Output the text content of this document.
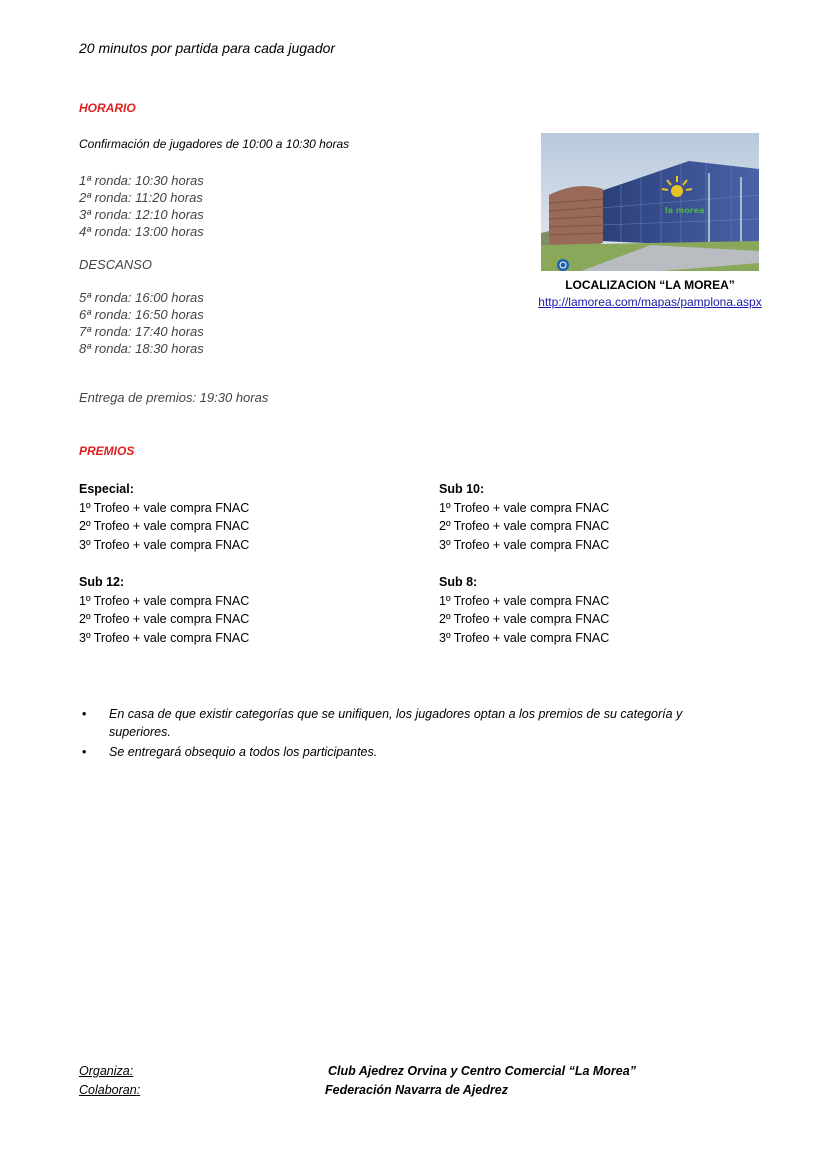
20 minutos por partida para cada jugador
HORARIO
Confirmación de jugadores de 10:00 a 10:30 horas
1ª ronda: 10:30 horas
2ª ronda: 11:20 horas
3ª ronda: 12:10 horas
4ª ronda: 13:00 horas
DESCANSO
5ª ronda: 16:00 horas
6ª ronda: 16:50 horas
7ª ronda: 17:40 horas
8ª ronda: 18:30 horas
Entrega de premios: 19:30 horas
la morea
LOCALIZACION “LA MOREA”
http://lamorea.com/mapas/pamplona.aspx
PREMIOS
Especial:
1º Trofeo + vale compra FNAC
2º Trofeo + vale compra FNAC
3º Trofeo + vale compra FNAC
Sub 10:
1º Trofeo + vale compra FNAC
2º Trofeo + vale compra FNAC
3º Trofeo + vale compra FNAC
Sub 12:
1º Trofeo + vale compra FNAC
2º Trofeo + vale compra FNAC
3º Trofeo + vale compra FNAC
Sub 8:
1º Trofeo + vale compra FNAC
2º Trofeo + vale compra FNAC
3º Trofeo + vale compra FNAC
•	En casa de que existir categorías que se unifiquen, los jugadores optan a los premios de su categoría y superiores.
•	Se entregará obsequio a todos los participantes.
Organiza:	Club Ajedrez Orvina y Centro Comercial “La Morea”
Colaboran:	Federación Navarra de Ajedrez
